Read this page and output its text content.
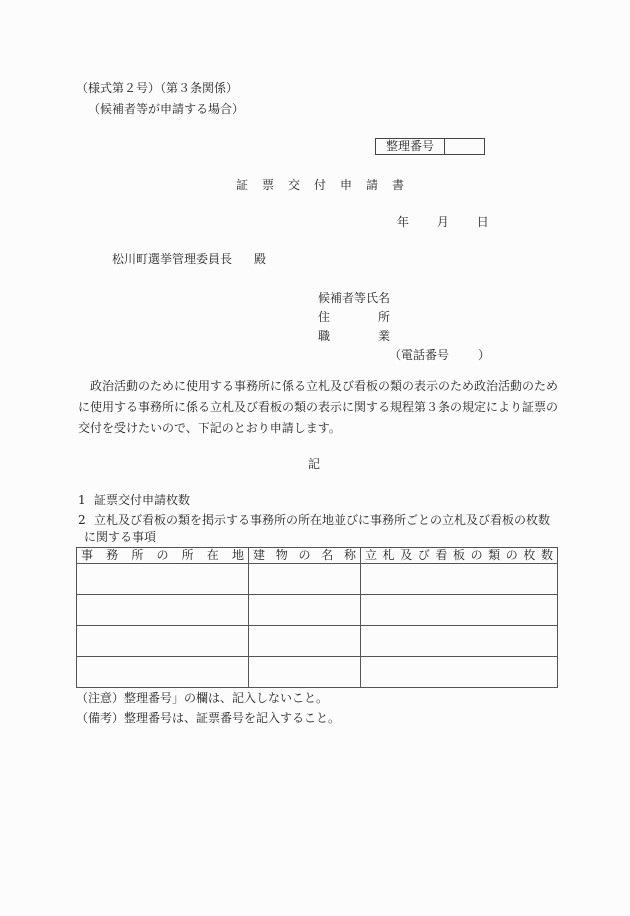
（様式第２号）（第３条関係）
（候補者等が申請する場合）
整理番号
証票交付申請書
年 月 日
松川町選挙管理委員長 殿
候補者等氏名
住	所
職	業
（電話番号 ）
　政治活動のために使用する事務所に係る立札及び看板の類の表示のため政治活動のため
に使用する事務所に係る立札及び看板の類の表示に関する規程第３条の規定により証票の
交付を受けたいので、下記のとおり申請します。
記
1 証票交付申請枚数
2 立札及び看板の類を掲示する事務所の所在地並びに事務所ごとの立札及び看板の枚数
に関する事項
事 務 所 の 所 在 地	建 物 の 名 称	立 札 及 び 看 板 の 類 の 枚 数

（注意） 整理番号」の欄は、記入しないこと。
（備考） 整理番号は、証票番号を記入すること。
